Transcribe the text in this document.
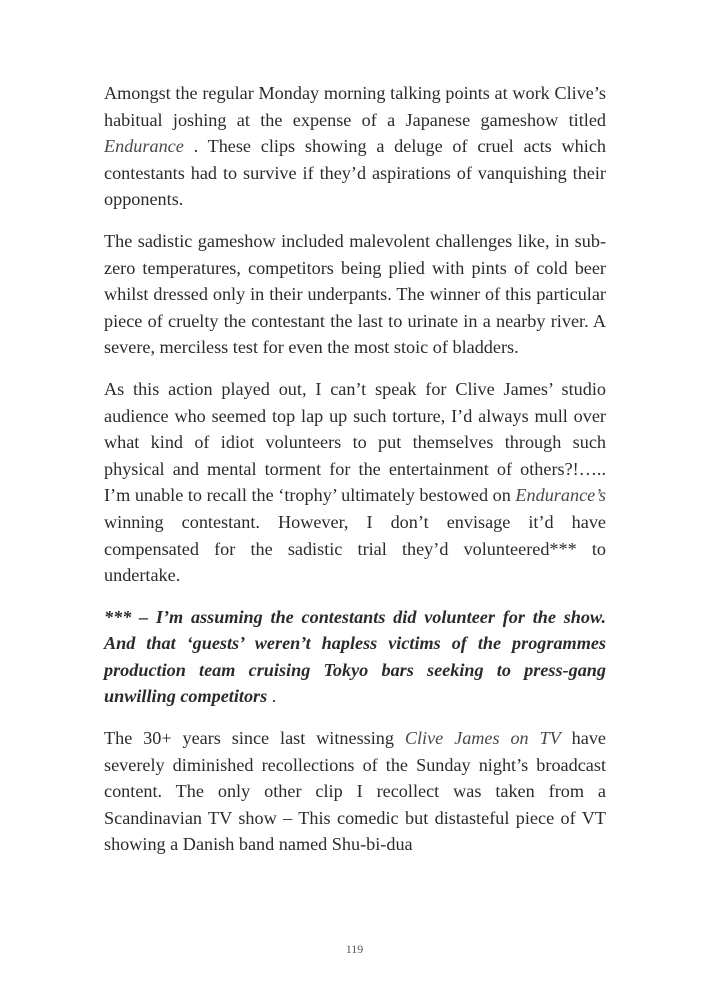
Amongst the regular Monday morning talking points at work Clive’s habitual joshing at the expense of a Japanese gameshow titled Endurance . These clips showing a deluge of cruel acts which contestants had to survive if they’d aspirations of vanquishing their opponents.

The sadistic gameshow included malevolent challenges like, in sub-zero temperatures, competitors being plied with pints of cold beer whilst dressed only in their underpants. The winner of this particular piece of cruelty the contestant the last to urinate in a nearby river. A severe, merciless test for even the most stoic of bladders.

As this action played out, I can’t speak for Clive James’ studio audience who seemed top lap up such torture, I’d always mull over what kind of idiot volunteers to put themselves through such physical and mental torment for the entertainment of others?!….. I’m unable to recall the ‘trophy’ ultimately bestowed on Endurance’s winning contestant. However, I don’t envisage it’d have compensated for the sadistic trial they’d volunteered*** to undertake.

*** – I’m assuming the contestants did volunteer for the show. And that ‘guests’ weren’t hapless victims of the programmes production team cruising Tokyo bars seeking to press-gang unwilling competitors .

The 30+ years since last witnessing Clive James on TV have severely diminished recollections of the Sunday night’s broadcast content. The only other clip I recollect was taken from a Scandinavian TV show – This comedic but distasteful piece of VT showing a Danish band named Shu-bi-dua

119
